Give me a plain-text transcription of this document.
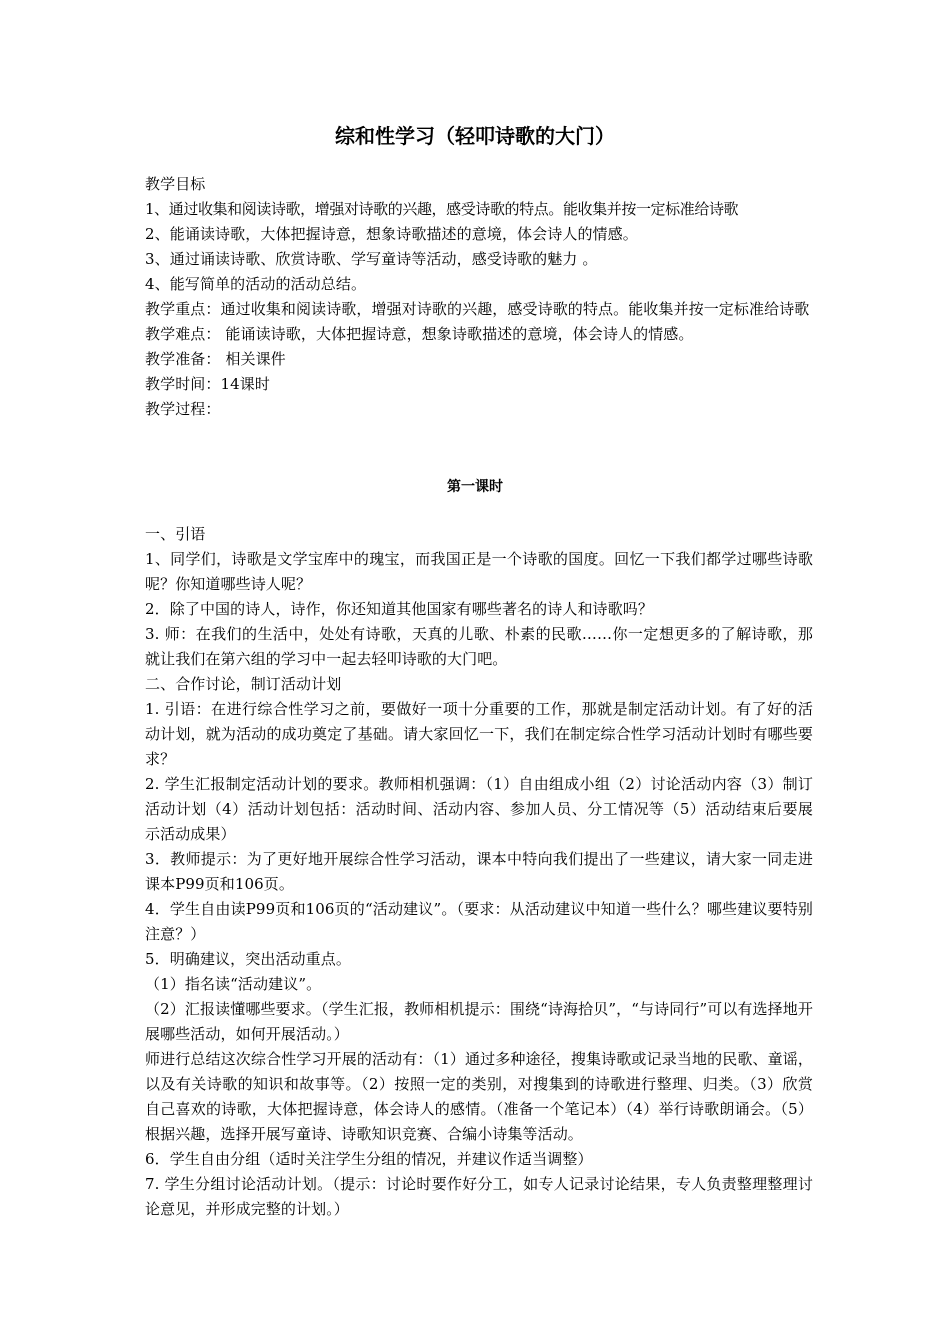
综和性学习（轻叩诗歌的大门）

教学目标

1、通过收集和阅读诗歌，增强对诗歌的兴趣，感受诗歌的特点。能收集并按一定标准给诗歌

2、能诵读诗歌，大体把握诗意，想象诗歌描述的意境，体会诗人的情感。

3、通过诵读诗歌、欣赏诗歌、学写童诗等活动，感受诗歌的魅力 。

4、能写简单的活动的活动总结。

教学重点：通过收集和阅读诗歌，增强对诗歌的兴趣，感受诗歌的特点。能收集并按一定标准给诗歌

教学难点： 能诵读诗歌，大体把握诗意，想象诗歌描述的意境，体会诗人的情感。

教学准备： 相关课件

教学时间：14课时

教学过程：

第一课时

一、引语

1、同学们，诗歌是文学宝库中的瑰宝，而我国正是一个诗歌的国度。回忆一下我们都学过哪些诗歌呢？你知道哪些诗人呢？

2．除了中国的诗人，诗作，你还知道其他国家有哪些著名的诗人和诗歌吗？

3. 师：在我们的生活中，处处有诗歌，天真的儿歌、朴素的民歌……你一定想更多的了解诗歌，那就让我们在第六组的学习中一起去轻叩诗歌的大门吧。

二、合作讨论，制订活动计划

1. 引语：在进行综合性学习之前，要做好一项十分重要的工作，那就是制定活动计划。有了好的活动计划，就为活动的成功奠定了基础。请大家回忆一下，我们在制定综合性学习活动计划时有哪些要求？

2. 学生汇报制定活动计划的要求。教师相机强调：（1）自由组成小组（2）讨论活动内容（3）制订活动计划（4）活动计划包括：活动时间、活动内容、参加人员、分工情况等（5）活动结束后要展示活动成果）

3．教师提示：为了更好地开展综合性学习活动，课本中特向我们提出了一些建议，请大家一同走进课本P99页和106页。

4．学生自由读P99页和106页的“活动建议”。（要求：从活动建议中知道一些什么？哪些建议要特别注意？）

5．明确建议，突出活动重点。

（1）指名读“活动建议”。

（2）汇报读懂哪些要求。（学生汇报，教师相机提示：围绕“诗海拾贝”，“与诗同行”可以有选择地开展哪些活动，如何开展活动。）

师进行总结这次综合性学习开展的活动有：（1）通过多种途径，搜集诗歌或记录当地的民歌、童谣，以及有关诗歌的知识和故事等。（2）按照一定的类别，对搜集到的诗歌进行整理、归类。（3）欣赏自己喜欢的诗歌，大体把握诗意，体会诗人的感情。（准备一个笔记本）（4）举行诗歌朗诵会。（5）根据兴趣，选择开展写童诗、诗歌知识竞赛、合编小诗集等活动。

6．学生自由分组（适时关注学生分组的情况，并建议作适当调整）

7. 学生分组讨论活动计划。（提示：讨论时要作好分工，如专人记录讨论结果，专人负责整理整理讨论意见，并形成完整的计划。）
